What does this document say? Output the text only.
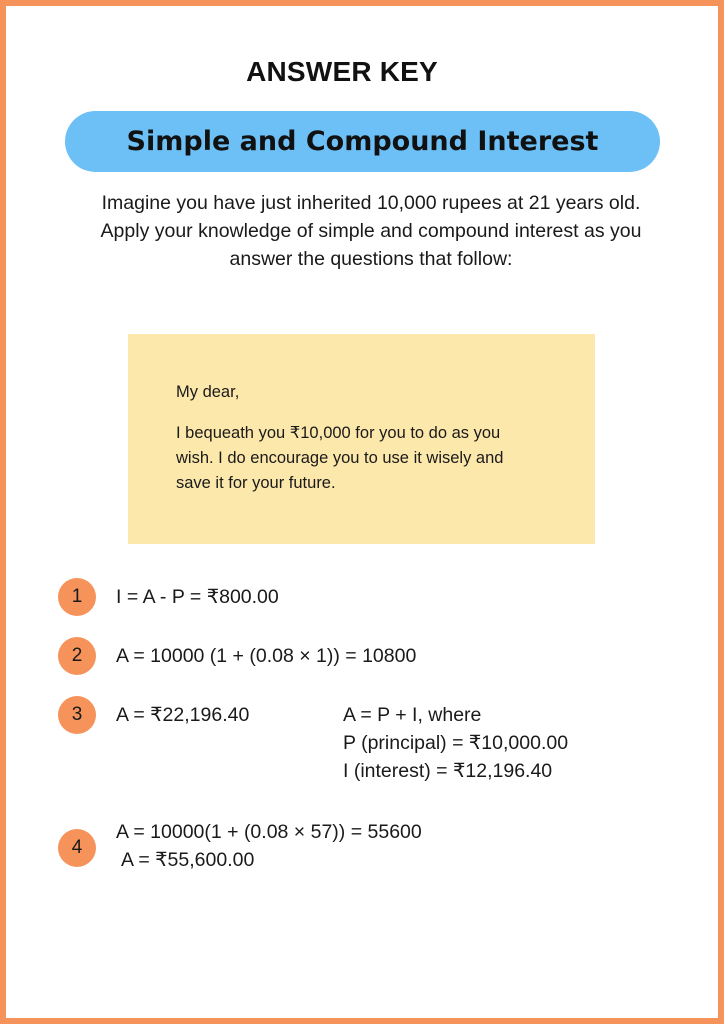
ANSWER KEY
Simple and Compound Interest
Imagine you have just inherited 10,000 rupees at 21 years old.
Apply your knowledge of simple and compound interest as you
answer the questions that follow:
My dear,
I bequeath you ₹10,000 for you to do as you
wish. I do encourage you to use it wisely and
save it for your future.
1	I = A - P = ₹800.00
2	A = 10000 (1 + (0.08 × 1)) = 10800
3	A = ₹22,196.40	A = P + I, where
P (principal) = ₹10,000.00
I (interest) = ₹12,196.40
4
A = 10000(1 + (0.08 × 57)) = 55600
A = ₹55,600.00
